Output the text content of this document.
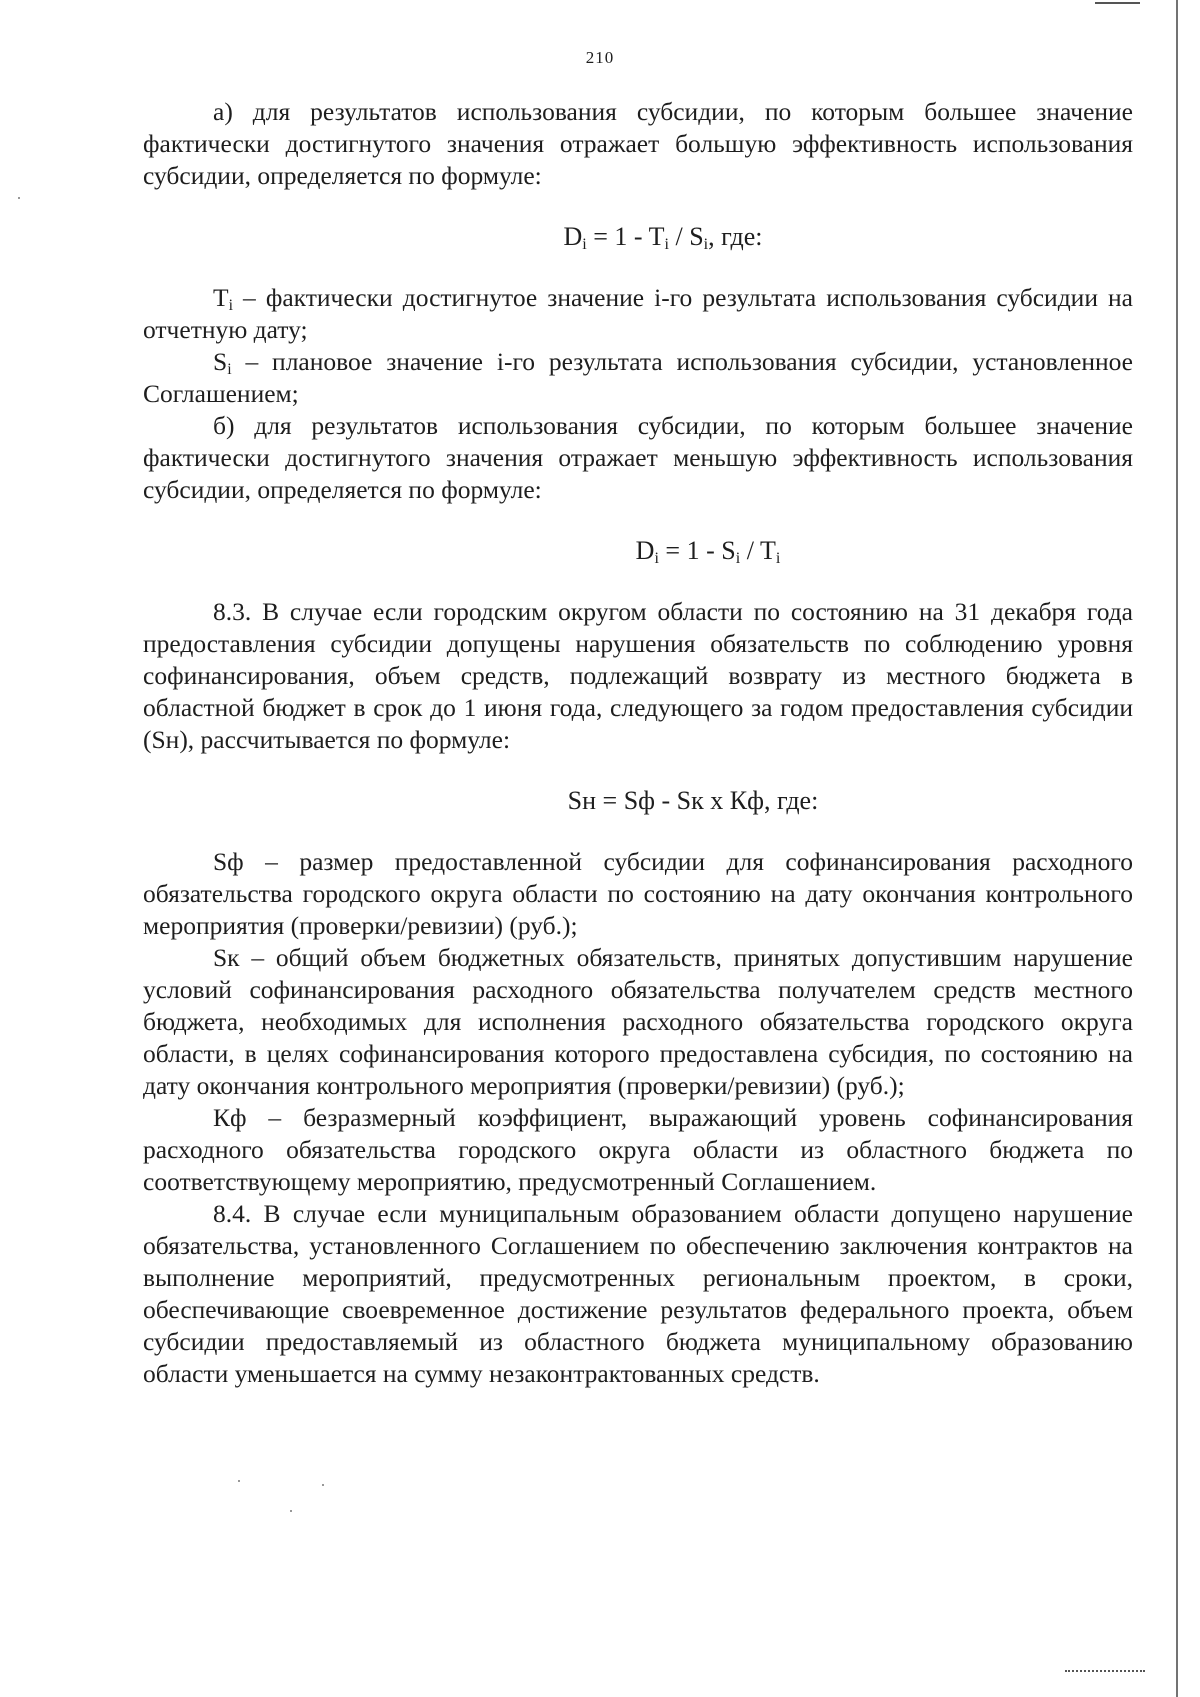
210

а) для результатов использования субсидии, по которым большее значение фактически достигнутого значения отражает большую эффективность использования субсидии, определяется по формуле:

$D_i = 1 - T_i / S_i$, где:

$T_i$ – фактически достигнутое значение i-го результата использования субсидии на отчетную дату;

$S_i$ – плановое значение i-го результата использования субсидии, установленное Соглашением;

б) для результатов использования субсидии, по которым большее значение фактически достигнутого значения отражает меньшую эффективность использования субсидии, определяется по формуле:

$D_i = 1 - S_i / T_i$

8.3. В случае если городским округом области по состоянию на 31 декабря года предоставления субсидии допущены нарушения обязательств по соблюдению уровня софинансирования, объем средств, подлежащий возврату из местного бюджета в областной бюджет в срок до 1 июня года, следующего за годом предоставления субсидии (Sн), рассчитывается по формуле:

Sн = Sф - Sк х Кф, где:

Sф – размер предоставленной субсидии для софинансирования расходного обязательства городского округа области по состоянию на дату окончания контрольного мероприятия (проверки/ревизии) (руб.);

Sк – общий объем бюджетных обязательств, принятых допустившим нарушение условий софинансирования расходного обязательства получателем средств местного бюджета, необходимых для исполнения расходного обязательства городского округа области, в целях софинансирования которого предоставлена субсидия, по состоянию на дату окончания контрольного мероприятия (проверки/ревизии) (руб.);

Кф – безразмерный коэффициент, выражающий уровень софинансирования расходного обязательства городского округа области из областного бюджета по соответствующему мероприятию, предусмотренный Соглашением.

8.4. В случае если муниципальным образованием области допущено нарушение обязательства, установленного Соглашением по обеспечению заключения контрактов на выполнение мероприятий, предусмотренных региональным проектом, в сроки, обеспечивающие своевременное достижение результатов федерального проекта, объем субсидии предоставляемый из областного бюджета муниципальному образованию области уменьшается на сумму незаконтрактованных средств.
